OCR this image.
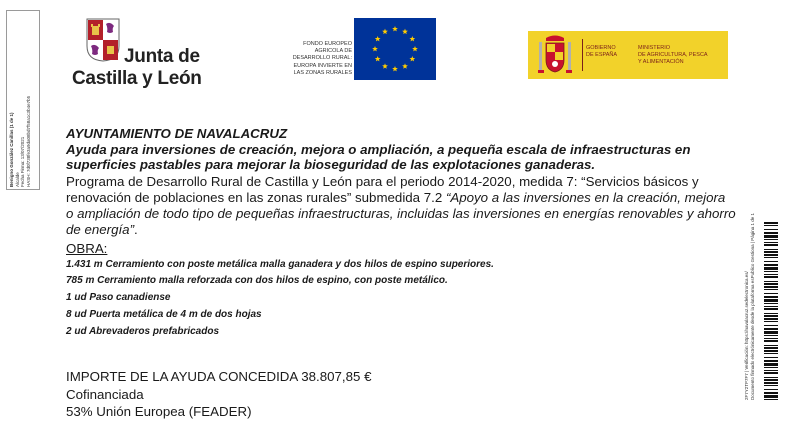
Benigno González Canillas (1 de 1) Alcalde Fecha Firma: 13/07/2021 HASH: 7d0f738fe3a9da08bd7f58a1c3b4e7b5
Junta de
Castilla y León
FONDO EUROPEO AGRICOLA DE DESARROLLO RURAL: EUROPA INVIERTE EN LAS ZONAS RURALES
GOBIERNO
DE ESPAÑA
MINISTERIO
DE AGRICULTURA, PESCA
Y ALIMENTACIÓN
AYUNTAMIENTO DE NAVALACRUZ
Ayuda para inversiones de creación, mejora o ampliación, a pequeña escala de infraestructuras en superficies pastables para mejorar la bioseguridad de las explotaciones ganaderas.
Programa de Desarrollo Rural de Castilla y León para el periodo 2014-2020, medida 7: “Servicios básicos y renovación de poblaciones en las zonas rurales” submedida 7.2 “Apoyo a las inversiones en la creación, mejora o ampliación de todo tipo de pequeñas infraestructuras, incluidas las inversiones en energías renovables y ahorro de energía”.
OBRA:
1.431 m Cerramiento con poste metálica malla ganadera y dos hilos de espino superiores.
785 m Cerramiento malla reforzada con dos hilos de espino, con poste metálico.
1 ud Paso canadiense
8 ud Puerta metálica de 4 m de dos hojas
2 ud Abrevaderos prefabricados
IMPORTE DE LA AYUDA CONCEDIDA 38.807,85 €
Cofinanciada
53% Unión Europea (FEADER)
2F7Y2TP7F7 | Verificación: https://navalacruz.sedelectronica.es/ Documento firmado electrónicamente desde la plataforma esPublico Gestiona | Página 1 de 1
